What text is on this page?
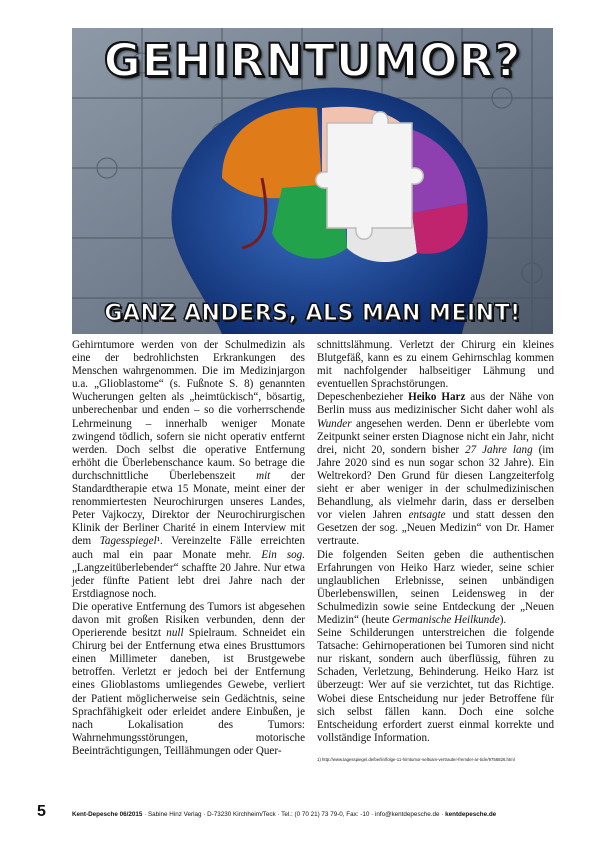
GEHIRNTUMOR?
GANZ ANDERS, ALS MAN MEINT!

Gehirntumore werden von der Schulmedizin als eine der bedrohlichsten Erkrankungen des Menschen wahrgenommen. Die im Medizinjargon u.a. „Glioblastome“ (s. Fußnote S. 8) genannten Wucherungen gelten als „heimtückisch“, bösartig, unberechenbar und enden – so die vorherrschende Lehrmeinung – innerhalb weniger Monate zwingend tödlich, sofern sie nicht operativ entfernt werden. Doch selbst die operative Entfernung erhöht die Überlebenschance kaum. So betrage die durchschnittliche Überlebenszeit mit der Standardtherapie etwa 15 Monate, meint einer der renommiertesten Neurochirurgen unseres Landes, Peter Vajkoczy, Direktor der Neurochirurgischen Klinik der Berliner Charité in einem Interview mit dem Tagesspiegel¹. Vereinzelte Fälle erreichten auch mal ein paar Monate mehr. Ein sog. „Langzeitüberlebender“ schaffte 20 Jahre. Nur etwa jeder fünfte Patient lebt drei Jahre nach der Erstdiagnose noch.

Die operative Entfernung des Tumors ist abgesehen davon mit großen Risiken verbunden, denn der Operierende besitzt null Spielraum. Schneidet ein Chirurg bei der Entfernung etwa eines Brusttumors einen Millimeter daneben, ist Brustgewebe betroffen. Verletzt er jedoch bei der Entfernung eines Glioblastoms umliegendes Gewebe, verliert der Patient möglicherweise sein Gedächtnis, seine Sprachfähigkeit oder erleidet andere Einbußen, je nach Lokalisation des Tumors: Wahrnehmungsstörungen, motorische Beeinträchtigungen, Teillähmungen oder Quer-

schnittslähmung. Verletzt der Chirurg ein kleines Blutgefäß, kann es zu einem Gehirnschlag kommen mit nachfolgender halbseitiger Lähmung und eventuellen Sprachstörungen.

Depeschenbezieher Heiko Harz aus der Nähe von Berlin muss aus medizinischer Sicht daher wohl als Wunder angesehen werden. Denn er überlebte vom Zeitpunkt seiner ersten Diagnose nicht ein Jahr, nicht drei, nicht 20, sondern bisher 27 Jahre lang (im Jahre 2020 sind es nun sogar schon 32 Jahre). Ein Weltrekord? Den Grund für diesen Langzeiterfolg sieht er aber weniger in der schulmedizinischen Behandlung, als vielmehr darin, dass er derselben vor vielen Jahren entsagte und statt dessen den Gesetzen der sog. „Neuen Medizin“ von Dr. Hamer vertraute.

Die folgenden Seiten geben die authentischen Erfahrungen von Heiko Harz wieder, seine schier unglaublichen Erlebnisse, seinen unbändigen Überlebenswillen, seinen Leidensweg in der Schulmedizin sowie seine Entdeckung der „Neuen Medizin“ (heute Germanische Heilkunde).

Seine Schilderungen unterstreichen die folgende Tatsache: Gehirnoperationen bei Tumoren sind nicht nur riskant, sondern auch überflüssig, führen zu Schaden, Verletzung, Behinderung. Heiko Harz ist überzeugt: Wer auf sie verzichtet, tut das Richtige. Wobei diese Entscheidung nur jeder Betroffene für sich selbst fällen kann. Doch eine solche Entscheidung erfordert zuerst einmal korrekte und vollständige Information.

1) http://www.tagesspiegel.de/berlin/folge-11-hirntumor-seltsam-vertrauter-fremder-ar-ticle/9756826.html

5	Kent-Depesche 06/2015 · Sabine Hinz Verlag · D-73230 Kirchheim/Teck · Tel.: (0 70 21) 73 79-0, Fax: -10 · info@kentdepesche.de · kentdepesche.de
